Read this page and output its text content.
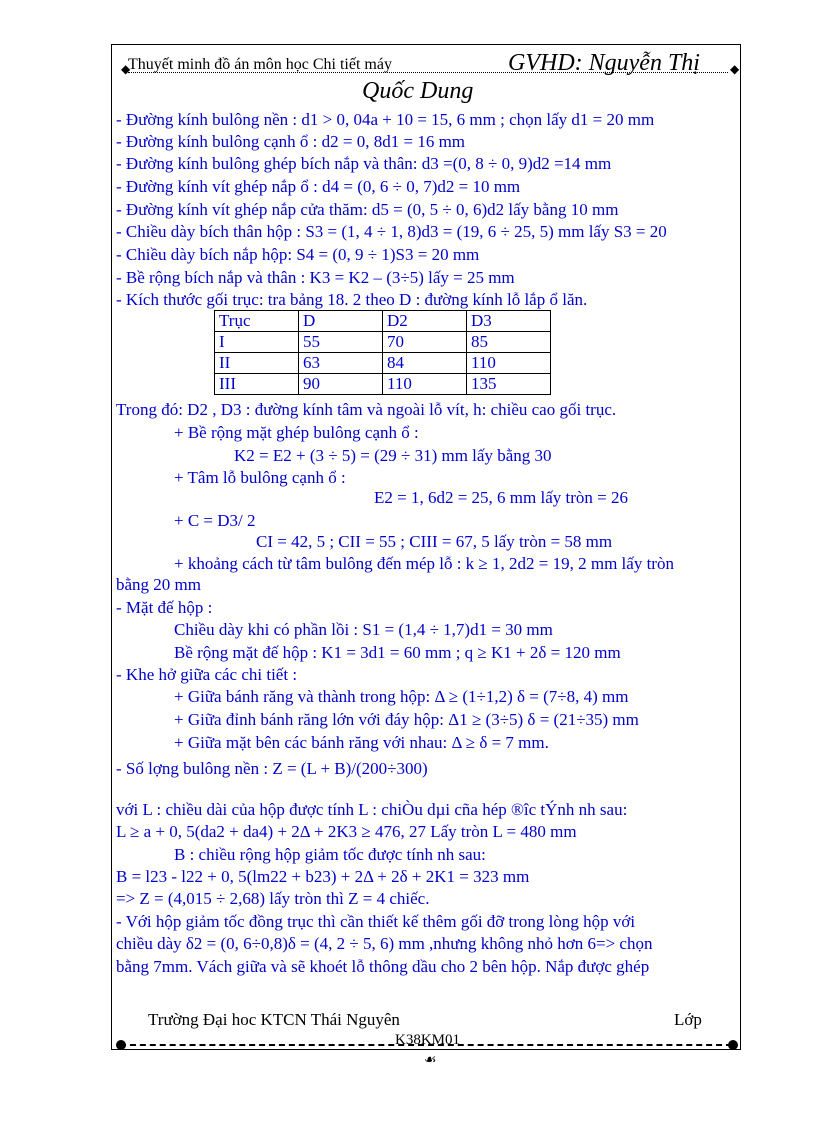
◆
Thuyết minh đồ án môn học Chi tiết máy	GVHD: Nguyễn Thị	◆
Quốc Dung
- Đường kính bulông nền : d1 > 0, 04a + 10 = 15, 6 mm ; chọn lấy d1 = 20 mm
- Đường kính bulông cạnh ổ : d2 = 0, 8d1 = 16 mm
- Đường kính bulông ghép bích nắp và thân: d3 =(0, 8 ÷ 0, 9)d2 =14 mm
- Đường kính vít ghép nắp ổ : d4 = (0, 6 ÷ 0, 7)d2 = 10 mm
- Đường kính vít ghép nắp cửa thăm: d5 = (0, 5 ÷ 0, 6)d2 lấy bằng 10 mm
- Chiều dày bích thân hộp : S3 = (1, 4 ÷ 1, 8)d3 = (19, 6 ÷ 25, 5) mm lấy S3 = 20
- Chiều dày bích nắp hộp: S4 = (0, 9 ÷ 1)S3 = 20 mm
- Bề rộng bích nắp và thân : K3 = K2 – (3÷5) lấy = 25 mm
- Kích thước gối trục: tra bảng 18. 2 theo D : đường kính lỗ lắp ổ lăn.
Trục	D	D2	D3
I	55	70	85
II	63	84	110
III	90	110	135
Trong đó: D2 , D3 : đường kính tâm và ngoài lỗ vít, h: chiều cao gối trục.
+ Bề rộng mặt ghép bulông cạnh ổ :
K2 = E2 + (3 ÷ 5) = (29 ÷ 31) mm lấy bằng 30
+ Tâm lỗ bulông cạnh ổ :
E2 = 1, 6d2 = 25, 6 mm lấy tròn = 26
+ C = D3/ 2
CI = 42, 5 ; CII = 55 ; CIII = 67, 5 lấy tròn = 58 mm
+ khoảng cách từ tâm bulông đến mép lỗ : k ≥ 1, 2d2 = 19, 2 mm lấy tròn
bằng 20 mm
- Mặt đế hộp :
Chiều dày khi có phần lồi : S1 = (1,4 ÷ 1,7)d1 = 30 mm
Bề rộng mặt đế hộp : K1 = 3d1 = 60 mm ; q ≥ K1 + 2δ = 120 mm
- Khe hở giữa các chi tiết :
+ Giữa bánh răng và thành trong hộp: Δ ≥ (1÷1,2) δ = (7÷8, 4) mm
+ Giữa đỉnh bánh răng lớn với đáy hộp: Δ1 ≥ (3÷5) δ = (21÷35) mm
+ Giữa mặt bên các bánh răng với nhau: Δ ≥ δ = 7 mm.
- Số lợng bulông nền : Z = (L + B)/(200÷300)
với L : chiều dài của hộp được tính L : chiÒu dµi cña hép ®îc tÝnh nh sau:
L ≥ a + 0, 5(da2 + da4) + 2Δ + 2K3 ≥ 476, 27 Lấy tròn L = 480 mm
B : chiều rộng hộp giảm tốc được tính nh sau:
B = l23 - l22 + 0, 5(lm22 + b23) + 2Δ + 2δ + 2K1 = 323 mm
=> Z = (4,015 ÷ 2,68) lấy tròn thì Z = 4 chiếc.
- Với hộp giảm tốc đồng trục thì cần thiết kế thêm gối đỡ trong lòng hộp với
chiều dày δ2 = (0, 6÷0,8)δ = (4, 2 ÷ 5, 6) mm ,nhưng không nhỏ hơn 6=> chọn
bằng 7mm. Vách giữa và sẽ khoét lỗ thông dầu cho 2 bên hộp. Nắp được ghép
Trường Đại hoc KTCN Thái Nguyên	Lớp
K38KM01
☙
